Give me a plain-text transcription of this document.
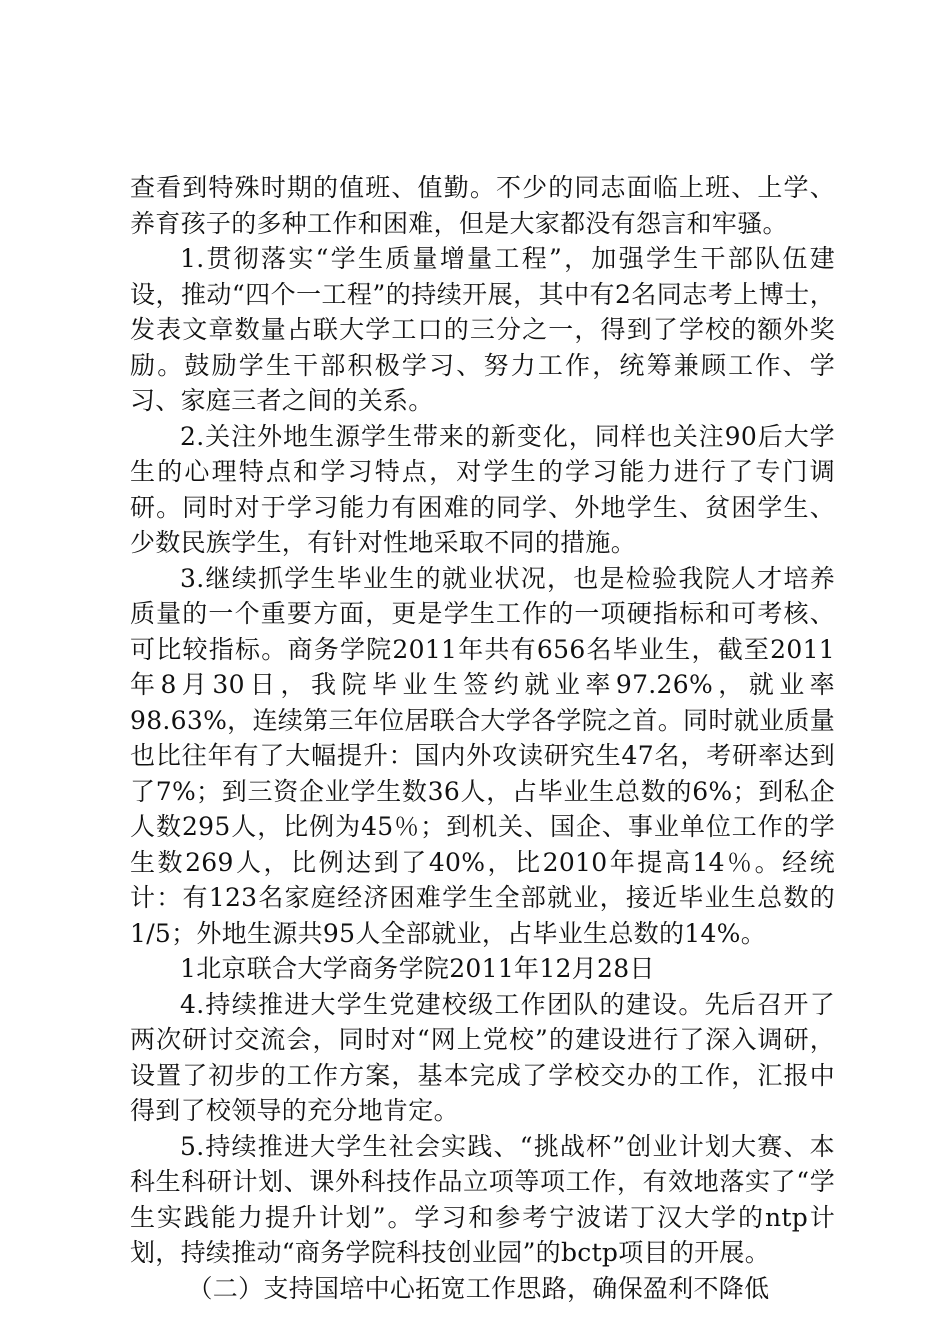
查看到特殊时期的值班、值勤。不少的同志面临上班、上学、养育孩子的多种工作和困难，但是大家都没有怨言和牢骚。

1.贯彻落实“学生质量增量工程”，加强学生干部队伍建设，推动“四个一工程”的持续开展，其中有2名同志考上博士，发表文章数量占联大学工口的三分之一，得到了学校的额外奖励。鼓励学生干部积极学习、努力工作，统筹兼顾工作、学习、家庭三者之间的关系。

2.关注外地生源学生带来的新变化，同样也关注90后大学生的心理特点和学习特点，对学生的学习能力进行了专门调研。同时对于学习能力有困难的同学、外地学生、贫困学生、少数民族学生，有针对性地采取不同的措施。

3.继续抓学生毕业生的就业状况，也是检验我院人才培养质量的一个重要方面，更是学生工作的一项硬指标和可考核、可比较指标。商务学院2011年共有656名毕业生，截至2011年8月30日，我院毕业生签约就业率97.26%，就业率98.63%，连续第三年位居联合大学各学院之首。同时就业质量也比往年有了大幅提升：国内外攻读研究生47名，考研率达到了7%；到三资企业学生数36人，占毕业生总数的6%；到私企人数295人，比例为45％；到机关、国企、事业单位工作的学生数269人，比例达到了40%，比2010年提高14％。经统计：有123名家庭经济困难学生全部就业，接近毕业生总数的1/5；外地生源共95人全部就业，占毕业生总数的14%。

1北京联合大学商务学院2011年12月28日

4.持续推进大学生党建校级工作团队的建设。先后召开了两次研讨交流会，同时对“网上党校”的建设进行了深入调研，设置了初步的工作方案，基本完成了学校交办的工作，汇报中得到了校领导的充分地肯定。

5.持续推进大学生社会实践、“挑战杯”创业计划大赛、本科生科研计划、课外科技作品立项等项工作，有效地落实了“学生实践能力提升计划”。学习和参考宁波诺丁汉大学的ntp计划，持续推动“商务学院科技创业园”的bctp项目的开展。

（二）支持国培中心拓宽工作思路，确保盈利不降低
